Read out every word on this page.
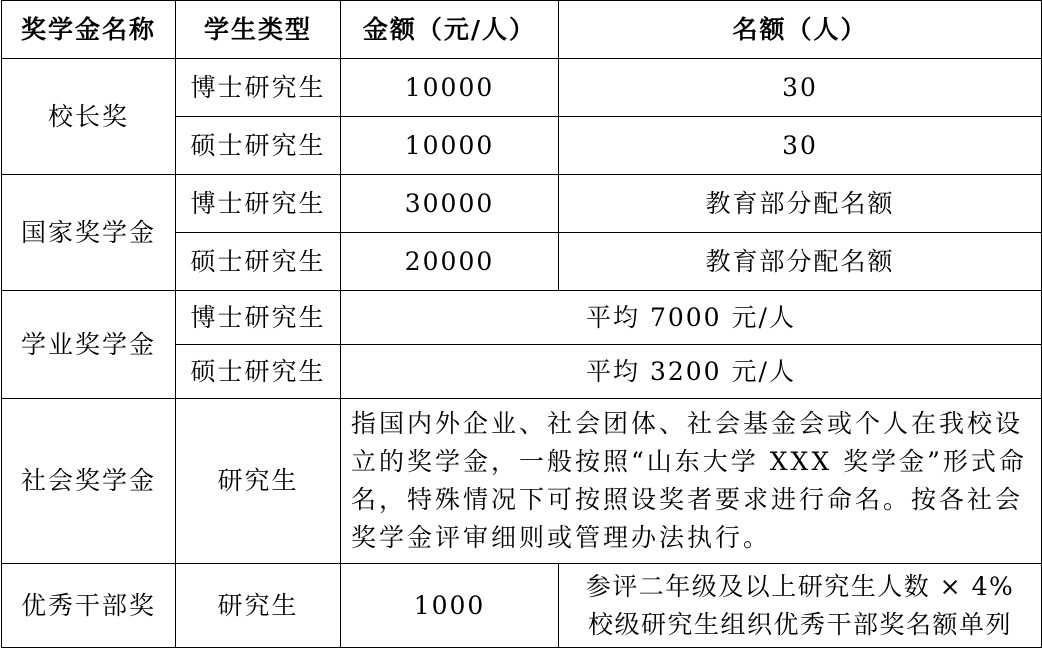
奖学金名称	学生类型	金额（元/人）	名额（人）
校长奖	博士研究生	10000	30
	硕士研究生	10000	30
国家奖学金	博士研究生	30000	教育部分配名额
	硕士研究生	20000	教育部分配名额
学业奖学金	博士研究生	平均 7000 元/人	
	硕士研究生	平均 3200 元/人	
社会奖学金	研究生	指国内外企业、社会团体、社会基金会或个人在我校设立的奖学金，一般按照“山东大学 XXX 奖学金”形式命名，特殊情况下可按照设奖者要求进行命名。按各社会奖学金评审细则或管理办法执行。	
优秀干部奖	研究生	1000	参评二年级及以上研究生人数 × 4%
校级研究生组织优秀干部奖名额单列
